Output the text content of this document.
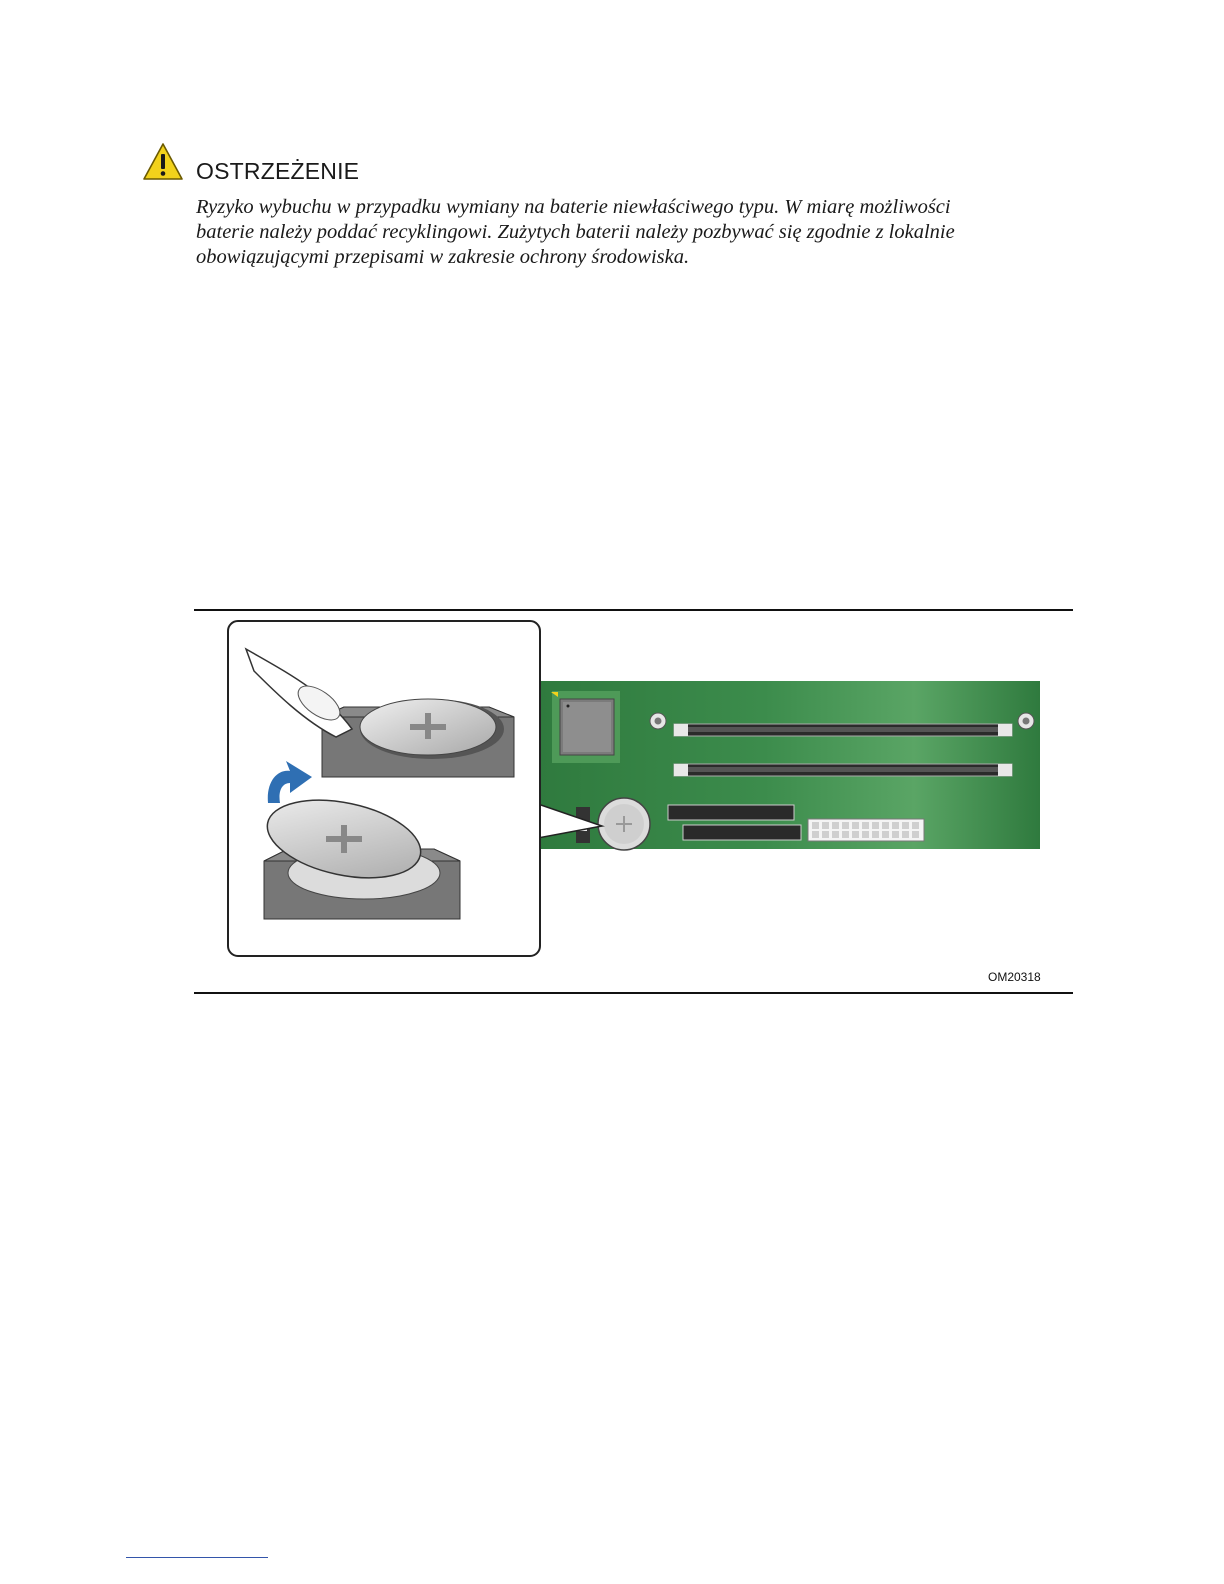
OSTRZEŻENIE
Ryzyko wybuchu w przypadku wymiany na baterie niewłaściwego typu. W miarę możliwości
baterie należy poddać recyklingowi. Zużytych baterii należy pozbywać się zgodnie z lokalnie
obowiązującymi przepisami w zakresie ochrony środowiska.
OM20318
